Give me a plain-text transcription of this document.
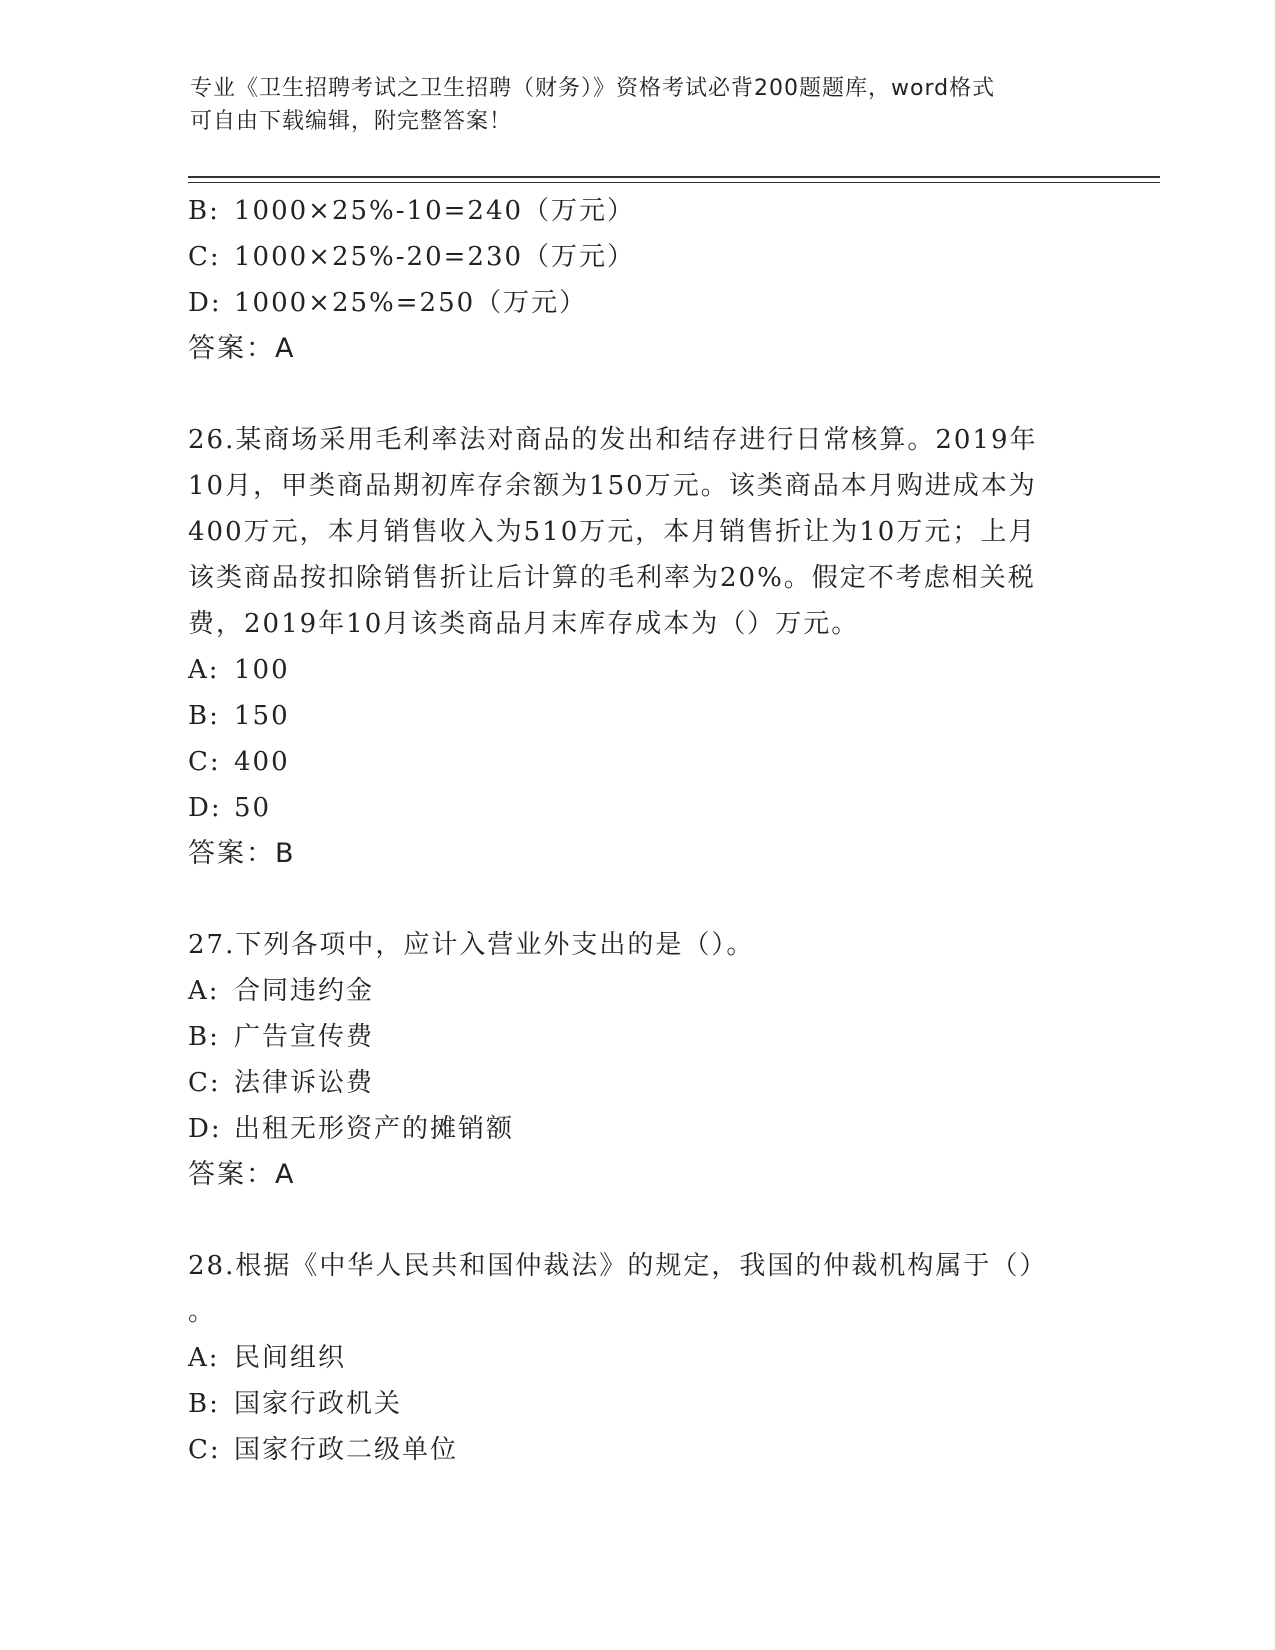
专业《卫生招聘考试之卫生招聘（财务）》资格考试必背200题题库，word格式
可自由下载编辑，附完整答案！
B: 1000×25%-10=240（万元）
C: 1000×25%-20=230（万元）
D: 1000×25%=250（万元）
答案：A
26.某商场采用毛利率法对商品的发出和结存进行日常核算。2019年
10月，甲类商品期初库存余额为150万元。该类商品本月购进成本为
400万元，本月销售收入为510万元，本月销售折让为10万元；上月
该类商品按扣除销售折让后计算的毛利率为20%。假定不考虑相关税
费，2019年10月该类商品月末库存成本为（）万元。
A: 100
B: 150
C: 400
D: 50
答案：B
27.下列各项中，应计入营业外支出的是（）。
A: 合同违约金
B: 广告宣传费
C: 法律诉讼费
D: 出租无形资产的摊销额
答案：A
28.根据《中华人民共和国仲裁法》的规定，我国的仲裁机构属于（）
。
A: 民间组织
B: 国家行政机关
C: 国家行政二级单位
